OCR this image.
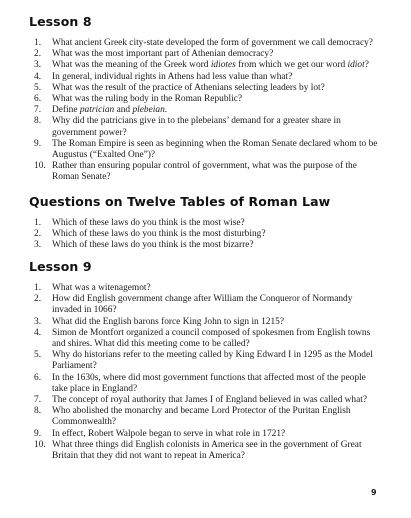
Lesson 8
1.	What ancient Greek city-state developed the form of government we call democracy?
2.	What was the most important part of Athenian democracy?
3.	What was the meaning of the Greek word idiotes from which we get our word idiot?
4.	In general, individual rights in Athens had less value than what?
5.	What was the result of the practice of Athenians selecting leaders by lot?
6.	What was the ruling body in the Roman Republic?
7.	Define patrician and plebeian.
8.	Why did the patricians give in to the plebeians’ demand for a greater share in government power?
9.	The Roman Empire is seen as beginning when the Roman Senate declared whom to be Augustus (“Exalted One”)?
10. Rather than ensuring popular control of government, what was the purpose of the Roman Senate?
Questions on Twelve Tables of Roman Law
1.	Which of these laws do you think is the most wise?
2.	Which of these laws do you think is the most disturbing?
3.	Which of these laws do you think is the most bizarre?
Lesson 9
1.	What was a witenagemot?
2.	How did English government change after William the Conqueror of Normandy invaded in 1066?
3.	What did the English barons force King John to sign in 1215?
4.	Simon de Montfort organized a council composed of spokesmen from English towns and shires. What did this meeting come to be called?
5.	Why do historians refer to the meeting called by King Edward I in 1295 as the Model Parliament?
6.	In the 1630s, where did most government functions that affected most of the people take place in England?
7.	The concept of royal authority that James I of England believed in was called what?
8.	Who abolished the monarchy and became Lord Protector of the Puritan English Commonwealth?
9.	In effect, Robert Walpole began to serve in what role in 1721?
10. What three things did English colonists in America see in the government of Great Britain that they did not want to repeat in America?
9
